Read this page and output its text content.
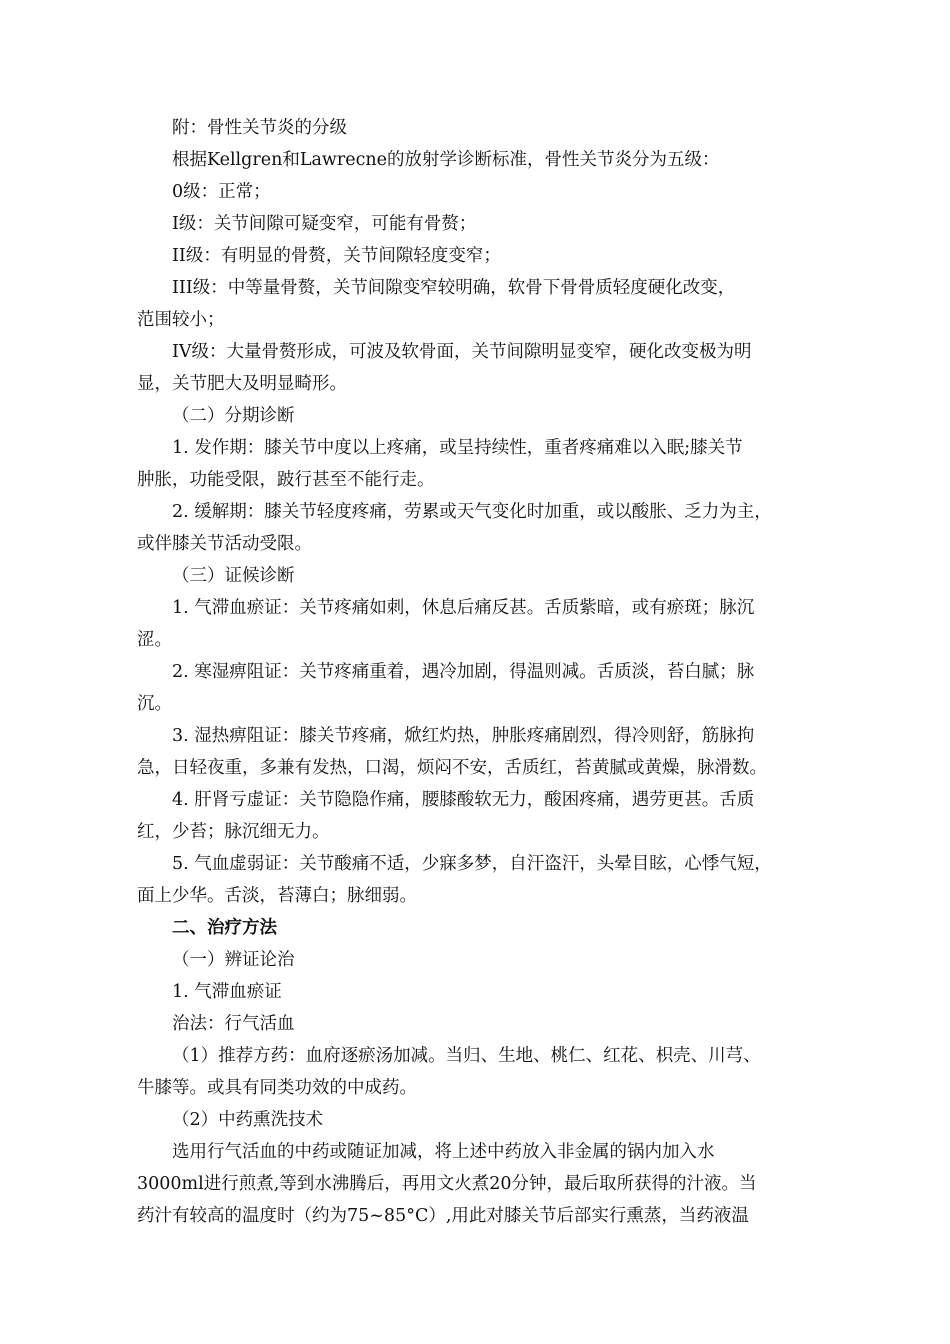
附：骨性关节炎的分级

根据Kellgren和Lawrecne的放射学诊断标准，骨性关节炎分为五级：

0级：正常；

I级：关节间隙可疑变窄，可能有骨赘；

II级：有明显的骨赘，关节间隙轻度变窄；

III级：中等量骨赘，关节间隙变窄较明确，软骨下骨骨质轻度硬化改变，

范围较小；

IV级：大量骨赘形成，可波及软骨面，关节间隙明显变窄，硬化改变极为明

显，关节肥大及明显畸形。

（二）分期诊断

1. 发作期：膝关节中度以上疼痛，或呈持续性，重者疼痛难以入眠;膝关节

肿胀，功能受限，跛行甚至不能行走。

2. 缓解期：膝关节轻度疼痛，劳累或天气变化时加重，或以酸胀、乏力为主，

或伴膝关节活动受限。

（三）证候诊断

1. 气滞血瘀证：关节疼痛如刺，休息后痛反甚。舌质紫暗，或有瘀斑；脉沉

涩。

2. 寒湿痹阻证：关节疼痛重着，遇冷加剧，得温则减。舌质淡，苔白腻；脉

沉。

3. 湿热痹阻证：膝关节疼痛，焮红灼热，肿胀疼痛剧烈，得冷则舒，筋脉拘

急，日轻夜重，多兼有发热，口渴，烦闷不安，舌质红，苔黄腻或黄燥，脉滑数。

4. 肝肾亏虚证：关节隐隐作痛，腰膝酸软无力，酸困疼痛，遇劳更甚。舌质

红，少苔；脉沉细无力。

5. 气血虚弱证：关节酸痛不适，少寐多梦，自汗盗汗，头晕目眩，心悸气短，

面上少华。舌淡，苔薄白；脉细弱。

二、治疗方法

（一）辨证论治

1. 气滞血瘀证

治法：行气活血

（1）推荐方药：血府逐瘀汤加减。当归、生地、桃仁、红花、枳壳、川芎、

牛膝等。或具有同类功效的中成药。

（2）中药熏洗技术

选用行气活血的中药或随证加减，将上述中药放入非金属的锅内加入水

3000ml进行煎煮,等到水沸腾后，再用文火煮20分钟，最后取所获得的汁液。当

药汁有较高的温度时（约为75~85°C）,用此对膝关节后部实行熏蒸，当药液温
